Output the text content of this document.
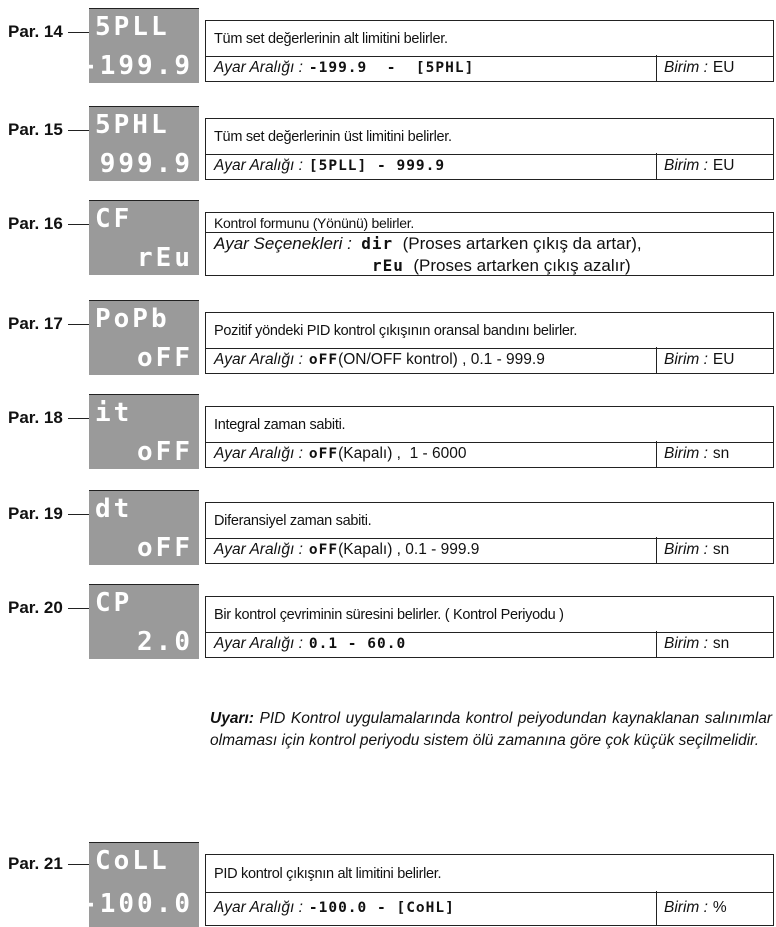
Par. 14 5PLL
-199.9
Tüm set değerlerinin alt limitini belirler.
Ayar Aralığı : -199.9  -  [5PHL]	Birim : EU
Par. 15 5PHL
999.9
Tüm set değerlerinin üst limitini belirler.
Ayar Aralığı : [5PLL] - 999.9	Birim : EU
Par. 16 CF
rEu
Kontrol formunu (Yönünü) belirler.
Ayar Seçenekleri : dir (Proses artarken çıkış da artar),
rEu (Proses artarken çıkış azalır)
Par. 17 PoPb
oFF
Pozitif yöndeki PID kontrol çıkışının oransal bandını belirler.
Ayar Aralığı : oFF (ON/OFF kontrol) , 0.1 - 999.9	Birim : EU
Par. 18 it
oFF
Integral zaman sabiti.
Ayar Aralığı : oFF (Kapalı) ,  1 - 6000	Birim : sn
Par. 19 dt
oFF
Diferansiyel zaman sabiti.
Ayar Aralığı : oFF (Kapalı) , 0.1 - 999.9	Birim : sn
Par. 20 CP
2.0
Bir kontrol çevriminin süresini belirler. ( Kontrol Periyodu )
Ayar Aralığı : 0.1 - 60.0	Birim : sn
Uyarı: PID Kontrol uygulamalarında kontrol peiyodundan kaynaklanan salınımlar olmaması için kontrol periyodu sistem ölü zamanına göre çok küçük seçilmelidir.
Par. 21 CoLL
-100.0
PID kontrol çıkışnın alt limitini belirler.
Ayar Aralığı : -100.0 - [CoHL]	Birim : %
